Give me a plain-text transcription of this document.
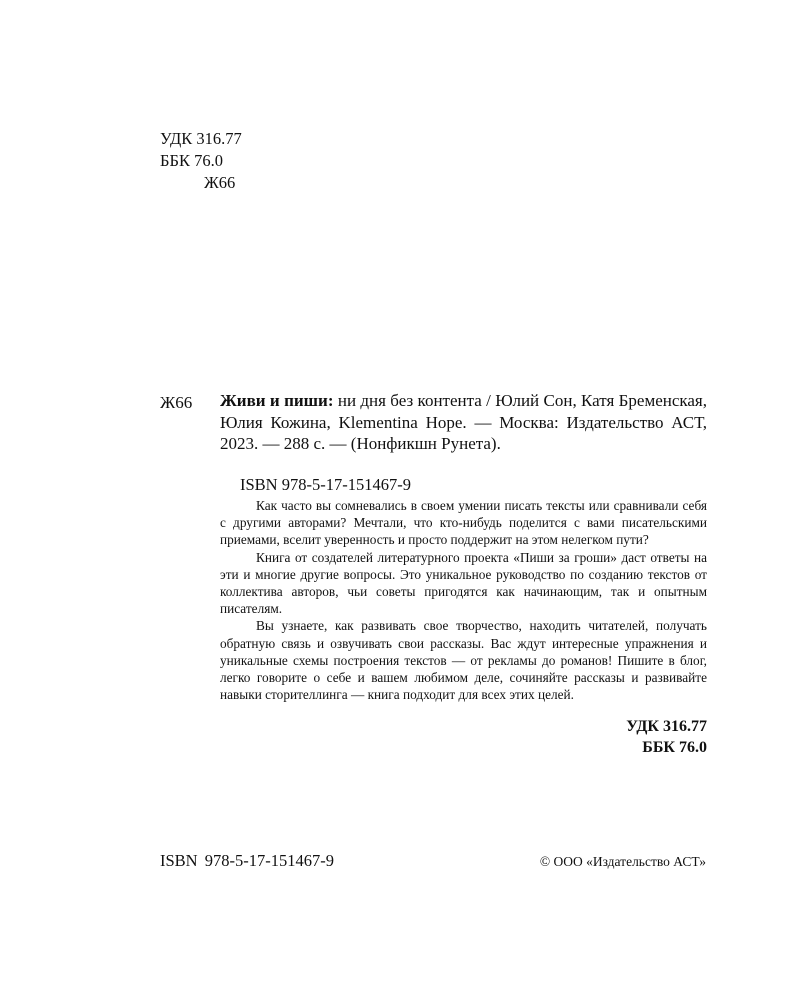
УДК 316.77
ББК 76.0
Ж66
Ж66 Живи и пиши: ни дня без контента / Юлий Сон, Катя Бременская, Юлия Кожина, Klementina Hope. — Москва: Издательство АСТ, 2023. — 288 с. — (Нонфикшн Рунета).
ISBN 978-5-17-151467-9

Как часто вы сомневались в своем умении писать тексты или сравнивали себя с другими авторами? Мечтали, что кто-нибудь поделится с вами писательскими приемами, вселит уверенность и просто поддержит на этом нелегком пути?

Книга от создателей литературного проекта «Пиши за гроши» даст ответы на эти и многие другие вопросы. Это уникальное руководство по созданию текстов от коллектива авторов, чьи советы пригодятся как начинающим, так и опытным писателям.

Вы узнаете, как развивать свое творчество, находить читателей, получать обратную связь и озвучивать свои рассказы. Вас ждут интересные упражнения и уникальные схемы построения текстов — от рекламы до романов! Пишите в блог, легко говорите о себе и вашем любимом деле, сочиняйте рассказы и развивайте навыки сторителлинга — книга подходит для всех этих целей.

УДК 316.77
ББК 76.0
ISBN 978-5-17-151467-9	© ООО «Издательство АСТ»
